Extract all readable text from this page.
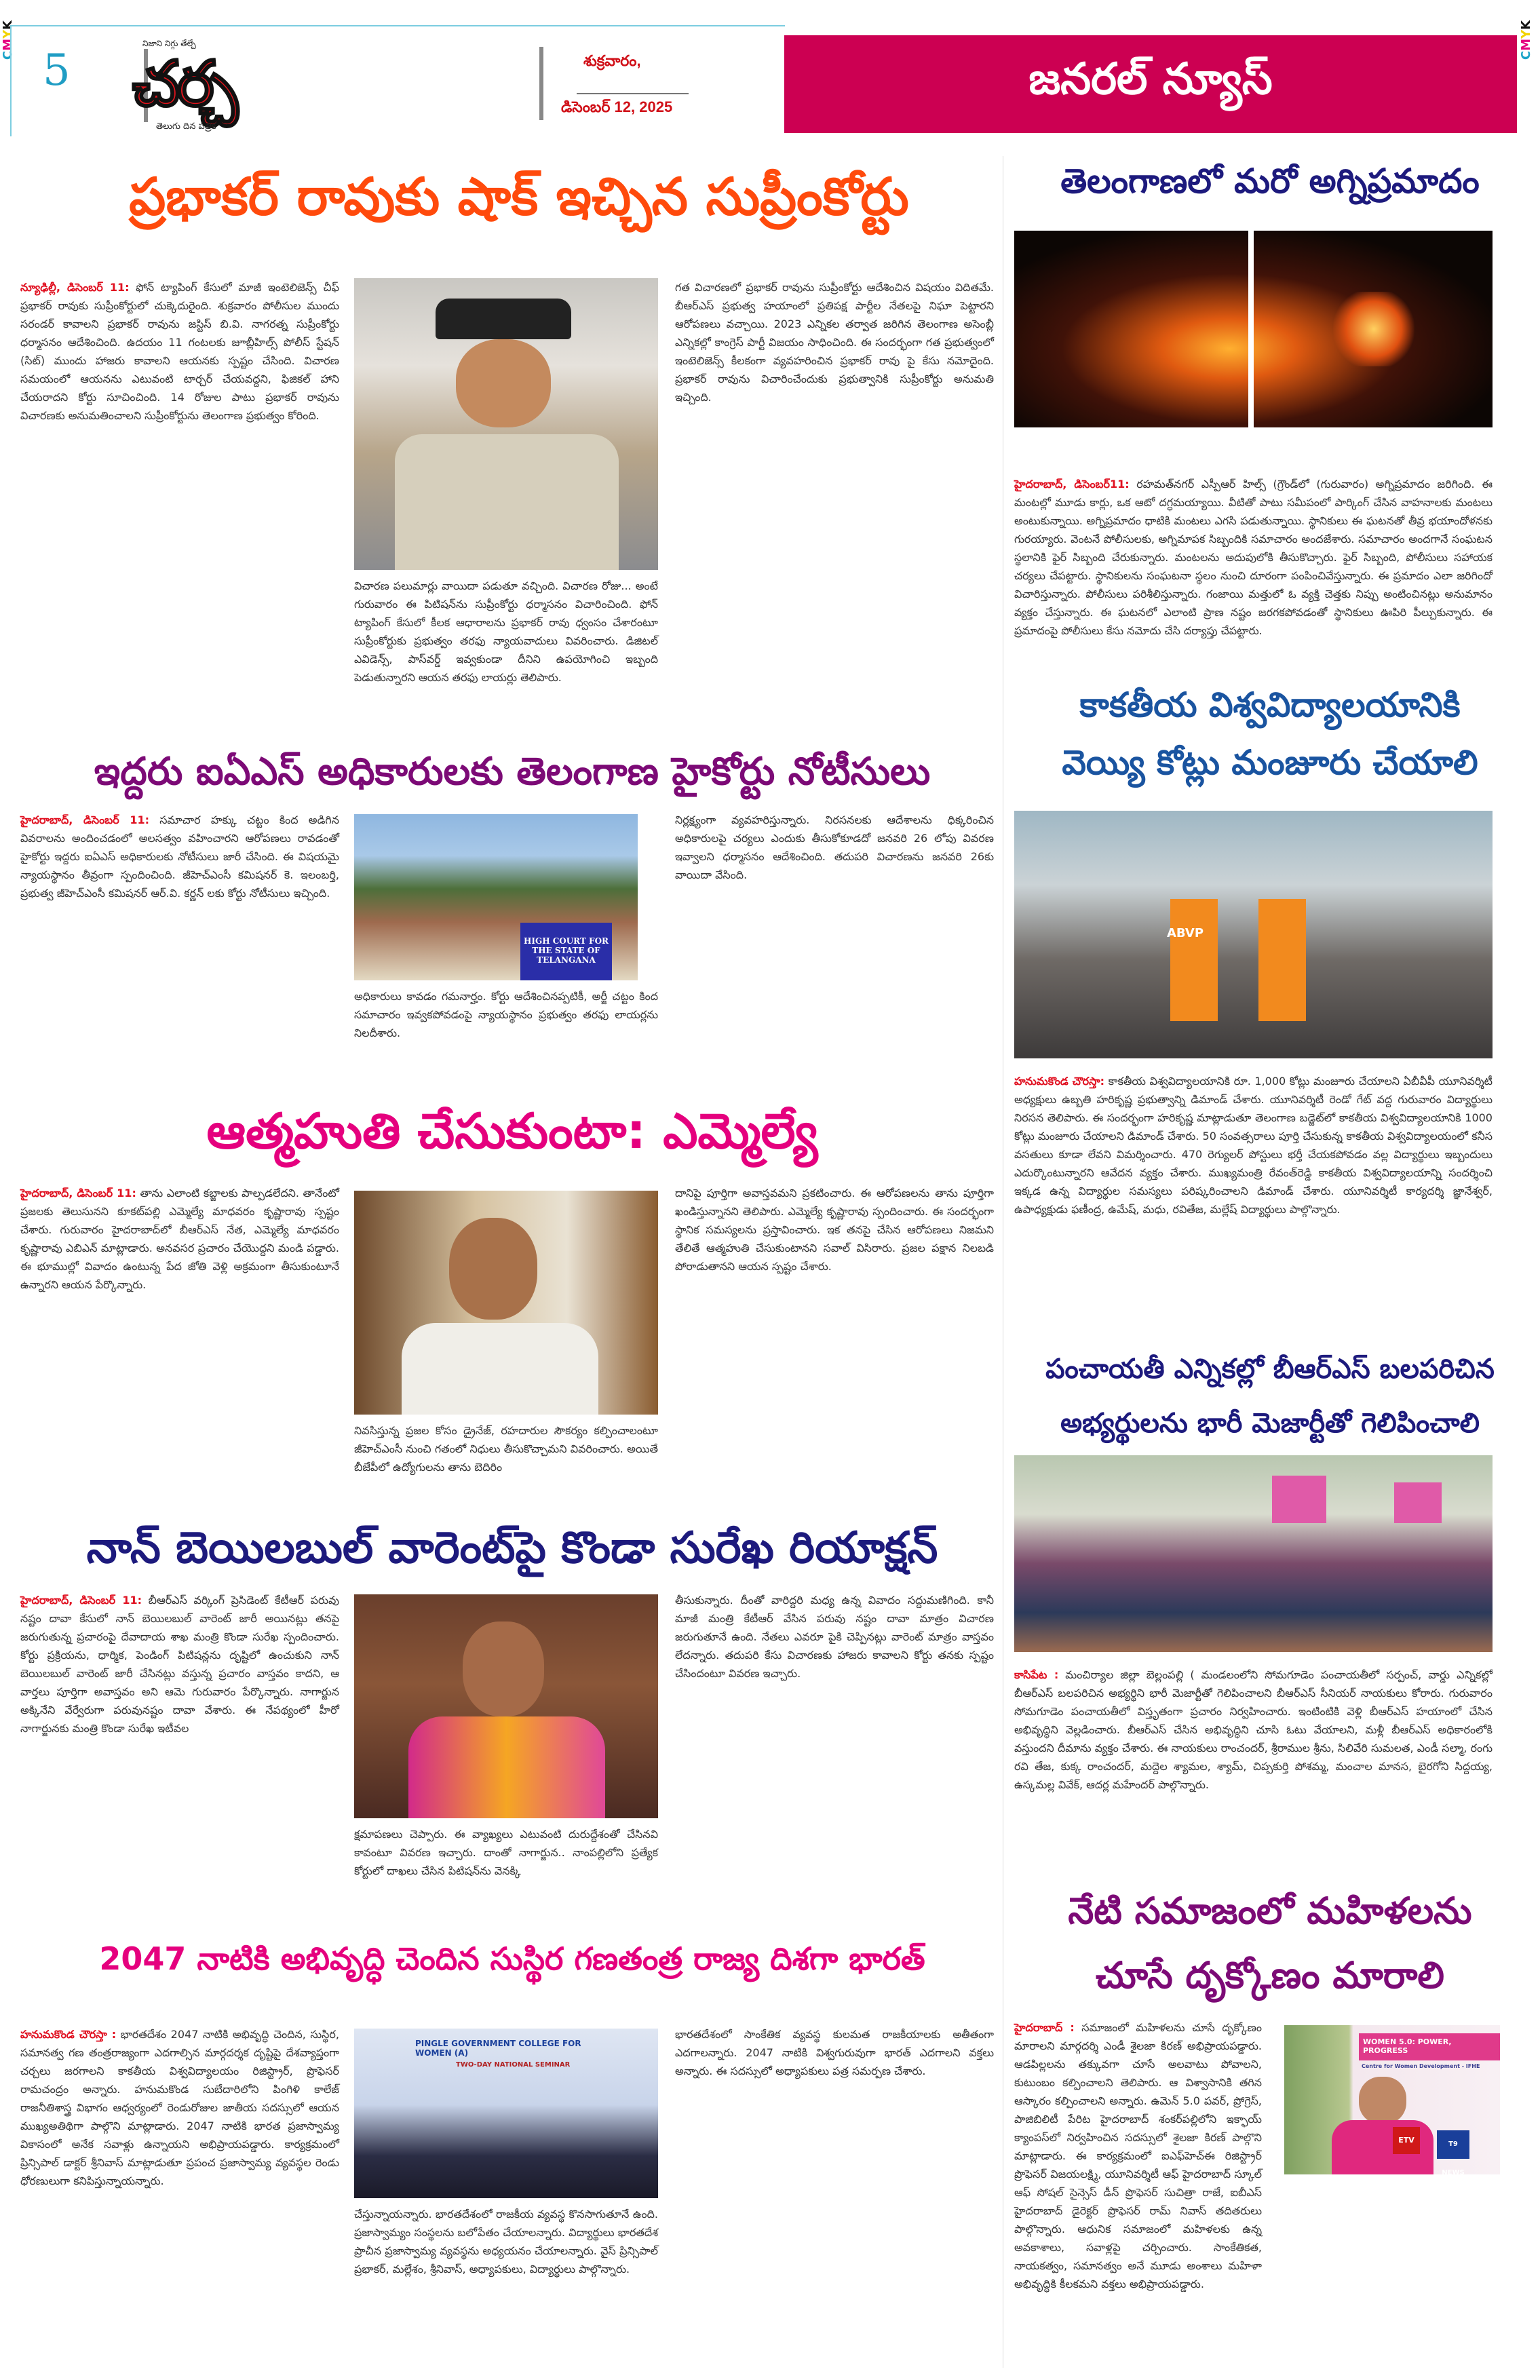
CMYK
CMYK
5
నిజాని నిగ్గు తేల్చే
చర్చ
తెలుగు దిన పత్రిక
శుక్రవారం,
డిసెంబర్ 12, 2025
జనరల్ న్యూస్
ప్రభాకర్ రావుకు షాక్ ఇచ్చిన సుప్రీంకోర్టు
న్యూఢిల్లీ, డిసెంబర్ 11: ఫోన్ ట్యాపింగ్ కేసులో మాజీ ఇంటెలిజెన్స్ చీఫ్ ప్రభాకర్ రావుకు సుప్రీంకోర్టులో చుక్కెదురైంది. శుక్రవారం పోలీసుల ముందు సరండర్ కావాలని ప్రభాకర్ రావును జస్టిస్ బి.వి. నాగరత్న సుప్రీంకోర్టు ధర్మాసనం ఆదేశించింది. ఉదయం 11 గంటలకు జూబ్లీహిల్స్ పోలీస్ స్టేషన్ (సిట్) ముందు హాజరు కావాలని ఆయనకు స్పష్టం చేసింది. విచారణ సమయంలో ఆయనను ఎటువంటి టార్చర్ చేయవద్దని, ఫిజికల్ హాని చేయరాదని కోర్టు సూచించింది. 14 రోజుల పాటు ప్రభాకర్ రావును విచారణకు అనుమతించాలని సుప్రీంకోర్టును తెలంగాణ ప్రభుత్వం కోరింది.
విచారణ పలుమార్లు వాయిదా పడుతూ వచ్చింది. విచారణ రోజు... అంటే గురువారం ఈ పిటిషన్‌ను సుప్రీంకోర్టు ధర్మాసనం విచారించింది. ఫోన్ ట్యాపింగ్ కేసులో కీలక ఆధారాలను ప్రభాకర్ రావు ధ్వంసం చేశారంటూ సుప్రీంకోర్టుకు ప్రభుత్వం తరఫు న్యాయవాదులు వివరించారు. డిజిటల్ ఎవిడెన్స్, పాస్‌వర్డ్ ఇవ్వకుండా దీనిని ఉపయోగించి ఇబ్బంది పెడుతున్నారని ఆయన తరఫు లాయర్లు తెలిపారు.
గత విచారణలో ప్రభాకర్ రావును సుప్రీంకోర్టు ఆదేశించిన విషయం విదితమే. బీఆర్ఎస్ ప్రభుత్వ హయాంలో ప్రతిపక్ష పార్టీల నేతలపై నిఘా పెట్టారని ఆరోపణలు వచ్చాయి. 2023 ఎన్నికల తర్వాత జరిగిన తెలంగాణ అసెంబ్లీ ఎన్నికల్లో కాంగ్రెస్ పార్టీ విజయం సాధించింది. ఈ సందర్భంగా గత ప్రభుత్వంలో ఇంటెలిజెన్స్ కీలకంగా వ్యవహరించిన ప్రభాకర్ రావు పై కేసు నమోదైంది. ప్రభాకర్ రావును విచారించేందుకు ప్రభుత్వానికి సుప్రీంకోర్టు అనుమతి ఇచ్చింది.
తెలంగాణలో మరో అగ్నిప్రమాదం
హైదరాబాద్, డిసెంబర్11: రహమత్‌నగర్ ఎస్పీఆర్ హిల్స్ (గ్రౌండ్‌లో (గురువారం) అగ్నిప్రమాదం జరిగింది. ఈ మంటల్లో మూడు కార్లు, ఒక ఆటో దగ్ధమయ్యాయి. వీటితో పాటు సమీపంలో పార్కింగ్ చేసిన వాహనాలకు మంటలు అంటుకున్నాయి. అగ్నిప్రమాదం ధాటికి మంటలు ఎగసి పడుతున్నాయి. స్థానికులు ఈ ఘటనతో తీవ్ర భయాందోళనకు గురయ్యారు. వెంటనే పోలీసులకు, అగ్నిమాపక సిబ్బందికి సమాచారం అందజేశారు. సమాచారం అందగానే సంఘటన స్థలానికి ఫైర్ సిబ్బంది చేరుకున్నారు. మంటలను అదుపులోకి తీసుకొచ్చారు. ఫైర్ సిబ్బంది, పోలీసులు సహాయక చర్యలు చేపట్టారు. స్థానికులను సంఘటనా స్థలం నుంచి దూరంగా పంపించివేస్తున్నారు. ఈ ప్రమాదం ఎలా జరిగిందో విచారిస్తున్నారు. పోలీసులు పరిశీలిస్తున్నారు. గంజాయి మత్తులో ఓ వ్యక్తి చెత్తకు నిప్పు అంటించినట్లు అనుమానం వ్యక్తం చేస్తున్నారు. ఈ ఘటనలో ఎలాంటి ప్రాణ నష్టం జరగకపోవడంతో స్థానికులు ఊపిరి పీల్చుకున్నారు. ఈ ప్రమాదంపై పోలీసులు కేసు నమోదు చేసి దర్యాప్తు చేపట్టారు.
కాకతీయ విశ్వవిద్యాలయానికి
వెయ్యి కోట్లు మంజూరు చేయాలి
ABVP
హనుమకొండ చౌరస్తా: కాకతీయ విశ్వవిద్యాలయానికి రూ. 1,000 కోట్లు మంజూరు చేయాలని ఏబీవీపీ యూనివర్శిటీ అధ్యక్షులు ఉబ్బతి హరికృష్ణ ప్రభుత్వాన్ని డిమాండ్ చేశారు. యూనివర్శిటీ రెండో గేట్ వద్ద గురువారం విద్యార్థులు నిరసన తెలిపారు. ఈ సందర్భంగా హరికృష్ణ మాట్లాడుతూ తెలంగాణ బడ్జెట్‌లో కాకతీయ విశ్వవిద్యాలయానికి 1000 కోట్లు మంజూరు చేయాలని డిమాండ్ చేశారు. 50 సంవత్సరాలు పూర్తి చేసుకున్న కాకతీయ విశ్వవిద్యాలయంలో కనీస వసతులు కూడా లేవని విమర్శించారు. 470 రెగ్యులర్ పోస్టులు భర్తీ చేయకపోవడం వల్ల విద్యార్థులు ఇబ్బందులు ఎదుర్కొంటున్నారని ఆవేదన వ్యక్తం చేశారు. ముఖ్యమంత్రి రేవంత్‌రెడ్డి కాకతీయ విశ్వవిద్యాలయాన్ని సందర్శించి ఇక్కడ ఉన్న విద్యార్థుల సమస్యలు పరిష్కరించాలని డిమాండ్ చేశారు. యూనివర్శిటీ కార్యదర్శి జ్ఞానేశ్వర్, ఉపాధ్యక్షుడు ఫణీంద్ర, ఉమేష్, మధు, రవితేజ, మల్లేష్ విద్యార్థులు పాల్గొన్నారు.
ఇద్దరు ఐఏఎస్ అధికారులకు తెలంగాణ హైకోర్టు నోటీసులు
హైదరాబాద్, డిసెంబర్ 11: సమాచార హక్కు చట్టం కింద అడిగిన వివరాలను అందించడంలో అలసత్వం వహించారని ఆరోపణలు రావడంతో హైకోర్టు ఇద్దరు ఐఏఎస్ అధికారులకు నోటీసులు జారీ చేసింది. ఈ విషయమై న్యాయస్థానం తీవ్రంగా స్పందించింది. జీహెచ్ఎంసీ కమిషనర్ కె. ఇలంబర్తి, ప్రభుత్వ జీహెచ్ఎంసీ కమిషనర్ ఆర్.వి. కర్ణన్ లకు కోర్టు నోటీసులు ఇచ్చింది.
HIGH COURT FOR THE STATE OF TELANGANA
అధికారులు కావడం గమనార్హం. కోర్టు ఆదేశించినప్పటికీ, అర్జీ చట్టం కింద సమాచారం ఇవ్వకపోవడంపై న్యాయస్థానం ప్రభుత్వం తరఫు లాయర్లను నిలదీశారు.
నిర్లక్ష్యంగా వ్యవహరిస్తున్నారు. నిరసనలకు ఆదేశాలను ధిక్కరించిన అధికారులపై చర్యలు ఎందుకు తీసుకోకూడదో జనవరి 26 లోపు వివరణ ఇవ్వాలని ధర్మాసనం ఆదేశించింది. తదుపరి విచారణను జనవరి 26కు వాయిదా వేసింది.
ఆత్మహుతి చేసుకుంటా: ఎమ్మెల్యే
హైదరాబాద్, డిసెంబర్ 11: తాను ఎలాంటి కబ్జాలకు పాల్పడలేదని. తానేంటో ప్రజలకు తెలుసునని కూకట్‌పల్లి ఎమ్మెల్యే మాధవరం కృష్ణారావు స్పష్టం చేశారు. గురువారం హైదరాబాద్‌లో బీఆర్ఎస్ నేత, ఎమ్మెల్యే మాధవరం కృష్ణారావు ఎబిఎన్ మాట్లాడారు. అనవసర ప్రచారం చేయొద్దని మండి పడ్డారు. ఈ భూముల్లో వివాదం ఉంటున్న పేద జోతి వెళ్లి అక్రమంగా తీసుకుంటూనే ఉన్నారని ఆయన పేర్కొన్నారు.
నివసిస్తున్న ప్రజల కోసం డ్రైనేజ్, రహదారుల సౌకర్యం కల్పించాలంటూ జీహెచ్ఎంసీ నుంచి గతంలో నిధులు తీసుకొచ్చామని వివరించారు. అయితే బీజేపీలో ఉద్యోగులను తాను బెదిరిం
దానిపై పూర్తిగా అవాస్తవమని ప్రకటించారు. ఈ ఆరోపణలను తాను పూర్తిగా ఖండిస్తున్నానని తెలిపారు. ఎమ్మెల్యే కృష్ణారావు స్పందించారు. ఈ సందర్భంగా స్థానిక సమస్యలను ప్రస్తావించారు. ఇక తనపై చేసిన ఆరోపణలు నిజమని తేలితే ఆత్మహుతి చేసుకుంటానని సవాల్ విసిరారు. ప్రజల పక్షాన నిలబడి పోరాడుతానని ఆయన స్పష్టం చేశారు.
పంచాయతీ ఎన్నికల్లో బీఆర్ఎస్ బలపరిచిన
అభ్యర్థులను భారీ మెజార్టీతో గెలిపించాలి
కాసిపేట : మంచిర్యాల జిల్లా బెల్లంపల్లి ( మండలంలోని సోమగూడెం పంచాయతీలో సర్పంచ్, వార్డు ఎన్నికల్లో బీఆర్ఎస్ బలపరిచిన అభ్యర్థిని భారీ మెజార్టీతో గెలిపించాలని బీఆర్ఎస్ సీనియర్ నాయకులు కోరారు. గురువారం సోమగూడెం పంచాయతీలో విస్తృతంగా ప్రచారం నిర్వహించారు. ఇంటింటికి వెళ్లి బీఆర్ఎస్ హయాంలో చేసిన అభివృద్ధిని వెల్లడించారు. బీఆర్ఎస్ చేసిన అభివృద్ధిని చూసి ఓటు వేయాలని, మళ్లీ బీఆర్ఎస్ అధికారంలోకి వస్తుందని దీమాను వ్యక్తం చేశారు. ఈ నాయకులు రాంచందర్, శ్రీరాముల శ్రీను, సిలివేరి సుమలత, ఎండీ సల్మా, రంగు రవి తేజ, కుక్క రాంచందర్, మద్దెల శ్యామల, శ్యామ్, చిప్పకుర్తి పోశమ్మ, మంచాల మానస, బైరగోని సిద్దయ్య, ఉస్కమల్ల వివేక్, ఆదర్ల మహేందర్ పాల్గొన్నారు.
నాన్ బెయిలబుల్ వారెంట్‌పై కొండా సురేఖ రియాక్షన్
హైదరాబాద్, డిసెంబర్ 11: బీఆర్ఎస్ వర్కింగ్ ప్రెసిడెంట్ కేటీఆర్ పరువు నష్టం దావా కేసులో నాన్ బెయిలబుల్ వారెంట్ జారీ అయినట్లు తనపై జరుగుతున్న ప్రచారంపై దేవాదాయ శాఖ మంత్రి కొండా సురేఖ స్పందించారు. కోర్టు ప్రక్రియను, ధార్మిక, పెండింగ్ పిటిషన్లను దృష్టిలో ఉంచుకుని నాన్ బెయిలబుల్ వారెంట్ జారీ చేసినట్లు వస్తున్న ప్రచారం వాస్తవం కాదని, ఆ వార్తలు పూర్తిగా అవాస్తవం అని ఆమె గురువారం పేర్కొన్నారు. నాగార్జున అక్కినేని వేర్వేరుగా పరువునష్టం దావా వేశారు. ఈ నేపథ్యంలో హీరో నాగార్జునకు మంత్రి కొండా సురేఖ ఇటీవల
క్షమాపణలు చెప్పారు. ఈ వ్యాఖ్యలు ఎటువంటి దురుద్దేశంతో చేసినవి కావంటూ వివరణ ఇచ్చారు. దాంతో నాగార్జున.. నాంపల్లిలోని ప్రత్యేక కోర్టులో దాఖలు చేసిన పిటిషన్‌ను వెనక్కి
తీసుకున్నారు. దీంతో వారిద్దరి మధ్య ఉన్న వివాదం సద్దుమణిగింది. కానీ మాజీ మంత్రి కేటీఆర్ వేసిన పరువు నష్టం దావా మాత్రం విచారణ జరుగుతూనే ఉంది. నేతలు ఎవరూ పైకి చెప్పినట్లు వారెంట్ మాత్రం వాస్తవం లేదన్నారు. తదుపరి కేసు విచారణకు హాజరు కావాలని కోర్టు తనకు స్పష్టం చేసిందంటూ వివరణ ఇచ్చారు.
నేటి సమాజంలో మహిళలను
చూసే దృక్కోణం మారాలి
హైదరాబాద్ : సమాజంలో మహిళలను చూసే దృక్కోణం మారాలని మార్గదర్శి ఎండీ శైలజా కిరణ్ అభిప్రాయపడ్డారు. ఆడపిల్లలను తక్కువగా చూసే అలవాటు పోవాలని, కుటుంబం కల్పించాలని తెలిపారు. ఆ విశ్వాసానికి తగిన ఆస్కారం కల్పించాలని అన్నారు. ఉమెన్ 5.0 పవర్, ప్రోగ్రెస్, పాజిబిలిటీ పేరిట హైదరాబాద్ శంకర్‌పల్లిలోని ఇక్ఫాయ్ క్యాంపస్‌లో నిర్వహించిన సదస్సులో శైలజా కిరణ్ పాల్గొని మాట్లాడారు. ఈ కార్యక్రమంలో ఐఎఫ్‌హెచ్‌ఈ రిజిస్ట్రార్ ప్రొఫెసర్ విజయలక్ష్మి, యూనివర్శిటీ ఆఫ్ హైదరాబాద్ స్కూల్ ఆఫ్ సోషల్ సైన్సెస్ డీన్ ప్రొఫెసర్ సుచిత్రా రాజే, ఐబీఎస్ హైదరాబాద్ డైరెక్టర్ ప్రొఫెసర్ రామ్ నివాస్ తదితరులు పాల్గొన్నారు. ఆధునిక సమాజంలో మహిళలకు ఉన్న అవకాశాలు, సవాళ్లపై చర్చించారు. సాంకేతికత, నాయకత్వం, సమానత్వం అనే మూడు అంశాలు మహిళా అభివృద్ధికి కీలకమని వక్తలు అభిప్రాయపడ్డారు.
WOMEN 5.0: POWER, PROGRESS
Centre for Women Development - IFHE
ETV	T9 NEWS
2047 నాటికి అభివృద్ధి చెందిన సుస్థిర గణతంత్ర రాజ్య దిశగా భారత్
హనుమకొండ చౌరస్తా : భారతదేశం 2047 నాటికి అభివృద్ధి చెందిన, సుస్థిర, సమానత్వ గణ తంత్రరాజ్యంగా ఎదగాల్సిన మార్గదర్శక దృష్టిపై దేశవ్యాప్తంగా చర్చలు జరగాలని కాకతీయ విశ్వవిద్యాలయం రిజిస్ట్రార్, ప్రొఫెసర్ రామచంద్రం అన్నారు. హనుమకొండ సుబేదారిలోని పింగిళి కాలేజ్ రాజనీతిశాస్త్ర విభాగం ఆధ్వర్యంలో రెండురోజుల జాతీయ సదస్సులో ఆయన ముఖ్యఅతిథిగా పాల్గొని మాట్లాడారు. 2047 నాటికి భారత ప్రజాస్వామ్య వికాసంలో అనేక సవాళ్లు ఉన్నాయని అభిప్రాయపడ్డారు. కార్యక్రమంలో ప్రిన్సిపాల్ డాక్టర్ శ్రీనివాస్ మాట్లాడుతూ ప్రపంచ ప్రజాస్వామ్య వ్యవస్థల రెండు ధోరణులుగా కనిపిస్తున్నాయన్నారు.
PINGLE GOVERNMENT COLLEGE FOR WOMEN (A)
TWO-DAY NATIONAL SEMINAR
చేస్తున్నాయన్నారు. భారతదేశంలో రాజకీయ వ్యవస్థ కొనసాగుతూనే ఉంది. ప్రజాస్వామ్యం సంస్థలను బలోపేతం చేయాలన్నారు. విద్యార్థులు భారతదేశ ప్రాచీన ప్రజాస్వామ్య వ్యవస్థను అధ్యయనం చేయాలన్నారు. వైస్ ప్రిన్సిపాల్ ప్రభాకర్, మల్లేశం, శ్రీనివాస్, అధ్యాపకులు, విద్యార్థులు పాల్గొన్నారు.
భారతదేశంలో సాంకేతిక వ్యవస్థ కులమత రాజకీయాలకు అతీతంగా ఎదగాలన్నారు. 2047 నాటికి విశ్వగురువుగా భారత్ ఎదగాలని వక్తలు అన్నారు. ఈ సదస్సులో అధ్యాపకులు పత్ర సమర్పణ చేశారు.
